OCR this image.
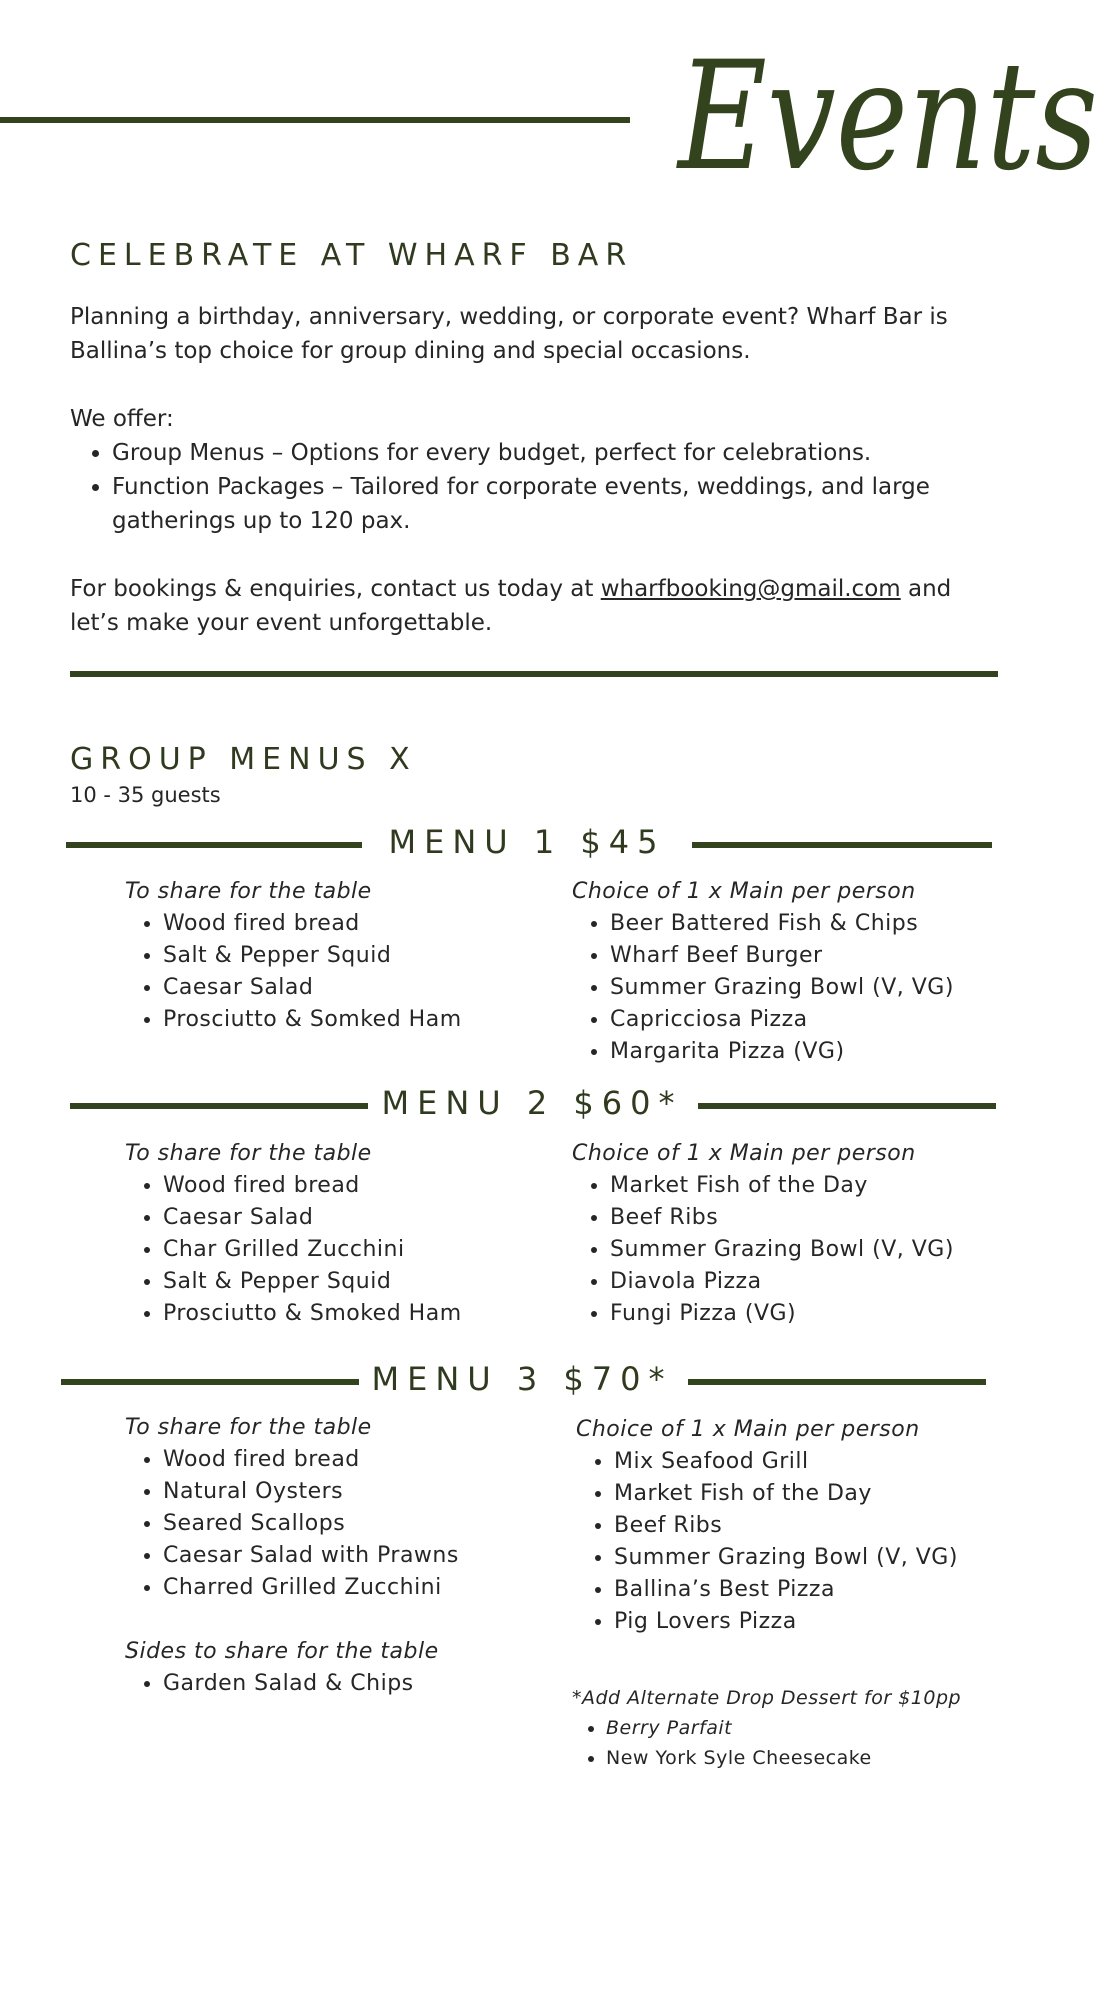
Events
CELEBRATE AT WHARF BAR

Planning a birthday, anniversary, wedding, or corporate event? Wharf Bar is Ballina’s top choice for group dining and special occasions.

We offer:

• Group Menus – Options for every budget, perfect for celebrations.
• Function Packages – Tailored for corporate events, weddings, and large gatherings up to 120 pax.

For bookings & enquiries, contact us today at wharfbooking@gmail.com and let’s make your event unforgettable.

GROUP MENUS X
10 - 35 guests
MENU 1 $45

To share for the table

• Wood fired bread
• Salt & Pepper Squid
• Caesar Salad
• Prosciutto & Somked Ham

Choice of 1 x Main per person

• Beer Battered Fish & Chips
• Wharf Beef Burger
• Summer Grazing Bowl (V, VG)
• Capricciosa Pizza
• Margarita Pizza (VG)
MENU 2 $60*

To share for the table

• Wood fired bread
• Caesar Salad
• Char Grilled Zucchini
• Salt & Pepper Squid
• Prosciutto & Smoked Ham

Choice of 1 x Main per person

• Market Fish of the Day
• Beef Ribs
• Summer Grazing Bowl (V, VG)
• Diavola Pizza
• Fungi Pizza (VG)
MENU 3 $70*

To share for the table

• Wood fired bread
• Natural Oysters
• Seared Scallops
• Caesar Salad with Prawns
• Charred Grilled Zucchini

Sides to share for the table

• Garden Salad & Chips

Choice of 1 x Main per person

• Mix Seafood Grill
• Market Fish of the Day
• Beef Ribs
• Summer Grazing Bowl (V, VG)
• Ballina’s Best Pizza
• Pig Lovers Pizza

*Add Alternate Drop Dessert for $10pp

• Berry Parfait
• New York Syle Cheesecake
